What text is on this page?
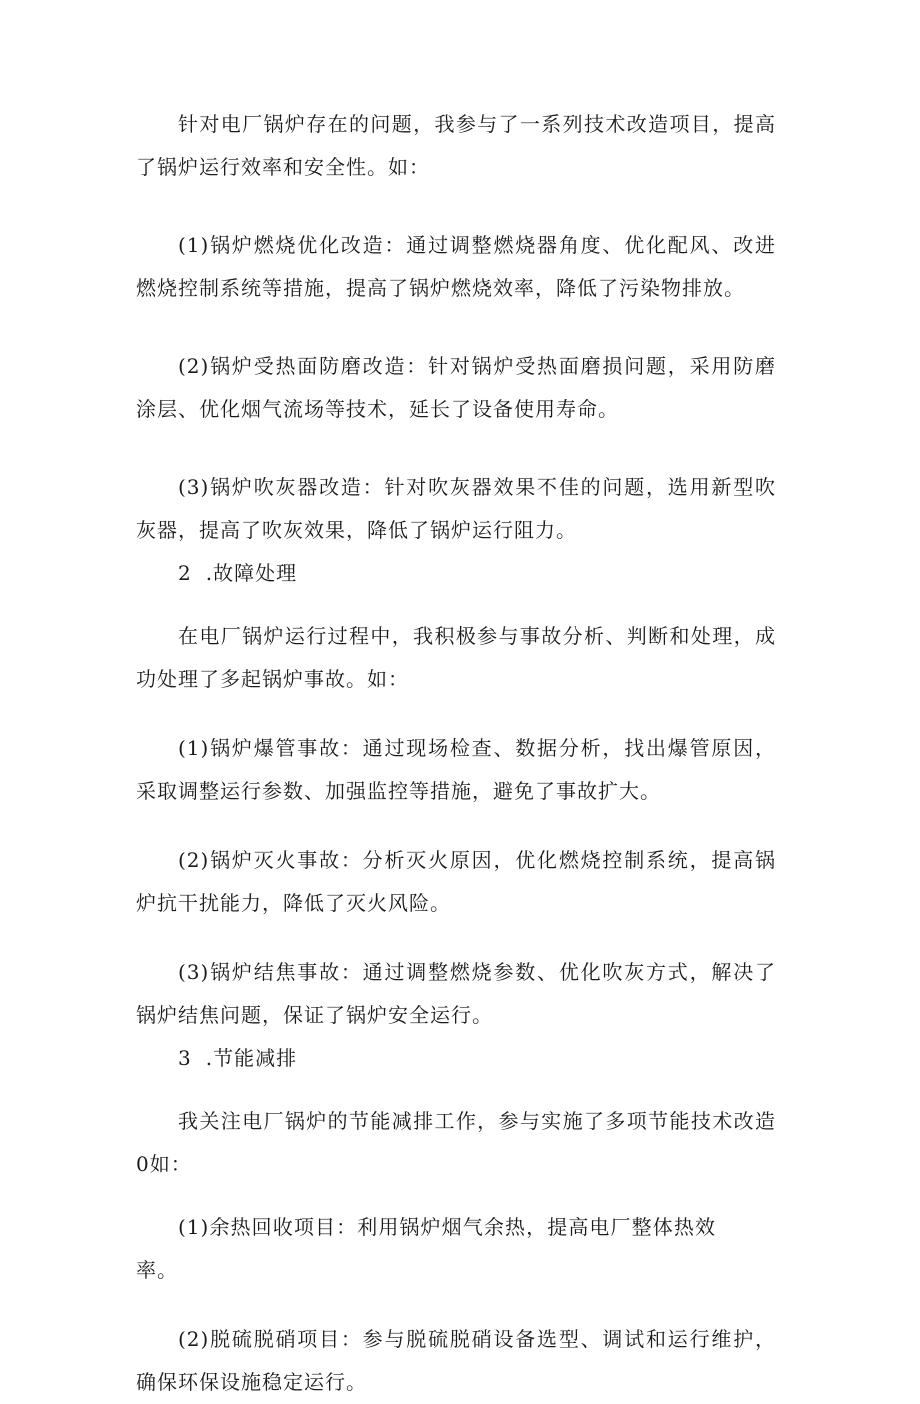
针对电厂锅炉存在的问题，我参与了一系列技术改造项目，提高了锅炉运行效率和安全性。如：

(1)锅炉燃烧优化改造：通过调整燃烧器角度、优化配风、改进燃烧控制系统等措施，提高了锅炉燃烧效率，降低了污染物排放。

(2)锅炉受热面防磨改造：针对锅炉受热面磨损问题，采用防磨涂层、优化烟气流场等技术，延长了设备使用寿命。

(3)锅炉吹灰器改造：针对吹灰器效果不佳的问题，选用新型吹灰器，提高了吹灰效果，降低了锅炉运行阻力。

2 .故障处理

在电厂锅炉运行过程中，我积极参与事故分析、判断和处理，成功处理了多起锅炉事故。如：

(1)锅炉爆管事故：通过现场检查、数据分析，找出爆管原因，采取调整运行参数、加强监控等措施，避免了事故扩大。

(2)锅炉灭火事故：分析灭火原因，优化燃烧控制系统，提高锅炉抗干扰能力，降低了灭火风险。

(3)锅炉结焦事故：通过调整燃烧参数、优化吹灰方式，解决了锅炉结焦问题，保证了锅炉安全运行。

3 .节能减排

我关注电厂锅炉的节能减排工作，参与实施了多项节能技术改造0如：

(1)余热回收项目：利用锅炉烟气余热，提高电厂整体热效率。

(2)脱硫脱硝项目：参与脱硫脱硝设备选型、调试和运行维护，确保环保设施稳定运行。
